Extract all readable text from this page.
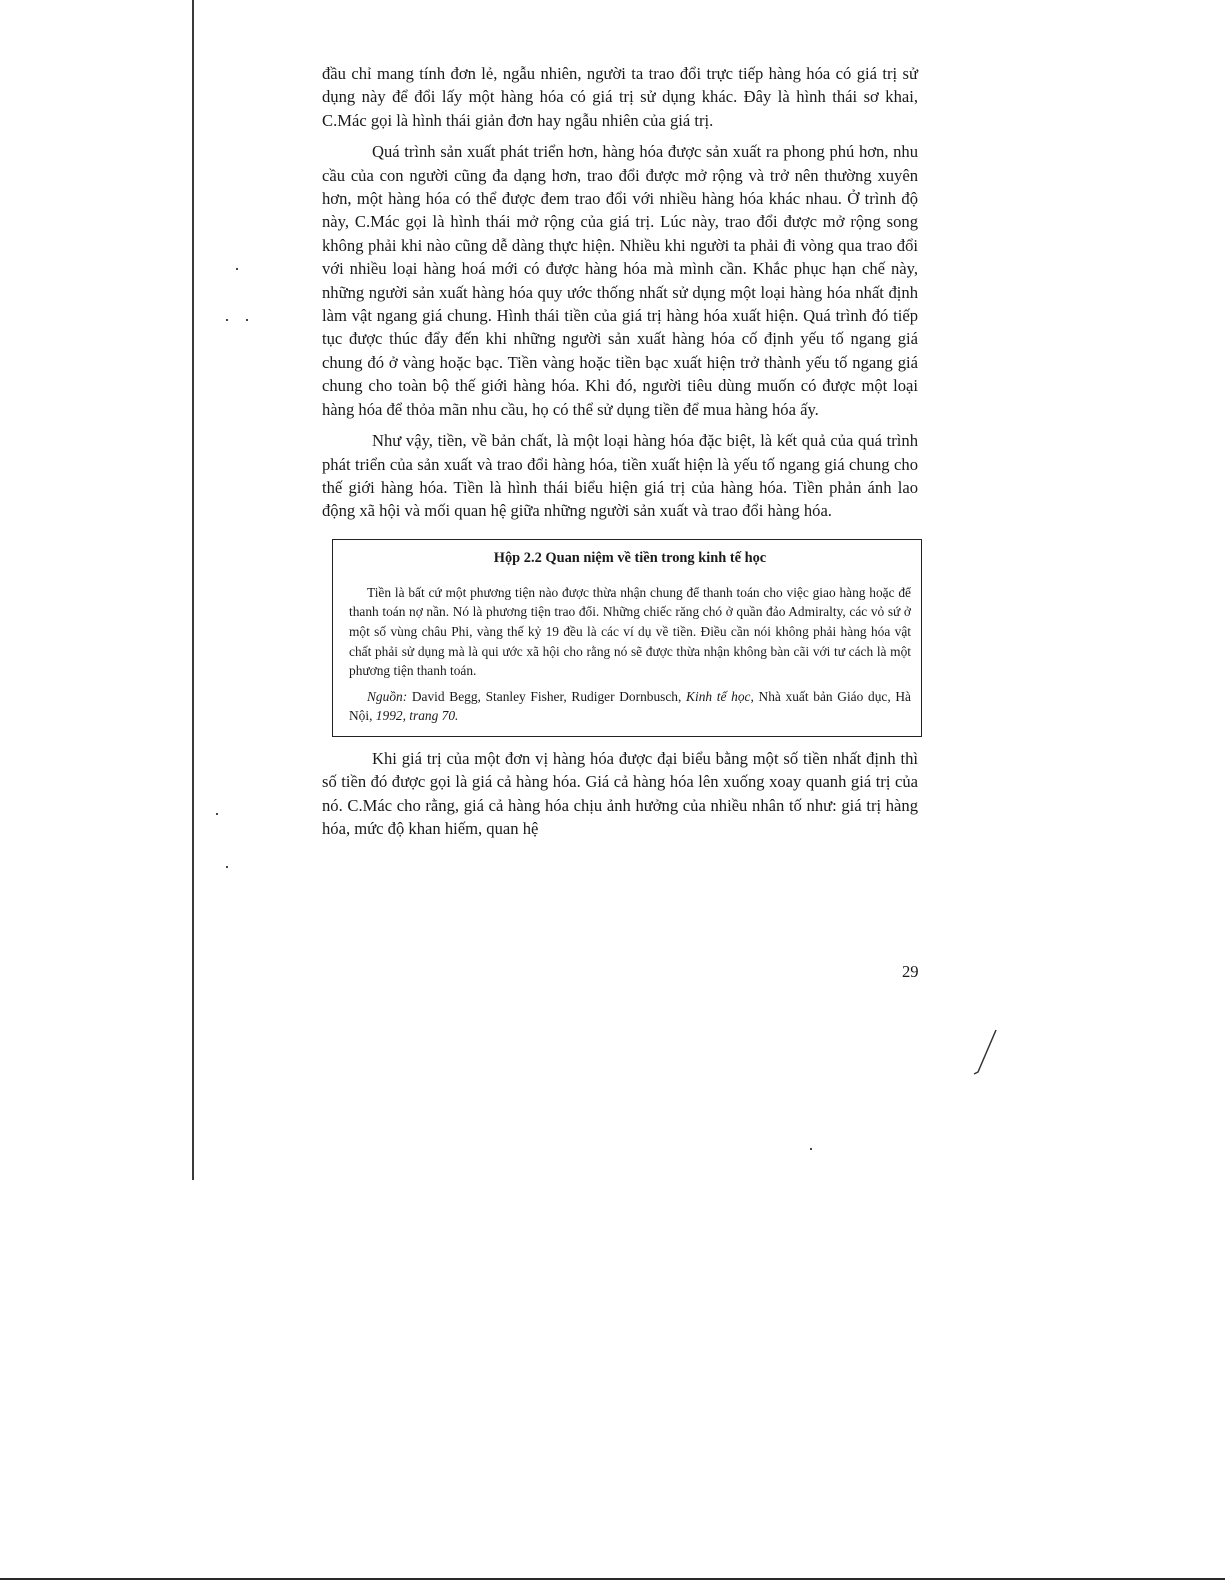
đầu chỉ mang tính đơn lẻ, ngẫu nhiên, người ta trao đổi trực tiếp hàng hóa có giá trị sử dụng này để đổi lấy một hàng hóa có giá trị sử dụng khác. Đây là hình thái sơ khai, C.Mác gọi là hình thái giản đơn hay ngẫu nhiên của giá trị.

Quá trình sản xuất phát triển hơn, hàng hóa được sản xuất ra phong phú hơn, nhu cầu của con người cũng đa dạng hơn, trao đổi được mở rộng và trở nên thường xuyên hơn, một hàng hóa có thể được đem trao đổi với nhiều hàng hóa khác nhau. Ở trình độ này, C.Mác gọi là hình thái mở rộng của giá trị. Lúc này, trao đổi được mở rộng song không phải khi nào cũng dễ dàng thực hiện. Nhiều khi người ta phải đi vòng qua trao đổi với nhiều loại hàng hoá mới có được hàng hóa mà mình cần. Khắc phục hạn chế này, những người sản xuất hàng hóa quy ước thống nhất sử dụng một loại hàng hóa nhất định làm vật ngang giá chung. Hình thái tiền của giá trị hàng hóa xuất hiện. Quá trình đó tiếp tục được thúc đẩy đến khi những người sản xuất hàng hóa cố định yếu tố ngang giá chung đó ở vàng hoặc bạc. Tiền vàng hoặc tiền bạc xuất hiện trở thành yếu tố ngang giá chung cho toàn bộ thế giới hàng hóa. Khi đó, người tiêu dùng muốn có được một loại hàng hóa để thỏa mãn nhu cầu, họ có thể sử dụng tiền để mua hàng hóa ấy.

Như vậy, tiền, về bản chất, là một loại hàng hóa đặc biệt, là kết quả của quá trình phát triển của sản xuất và trao đổi hàng hóa, tiền xuất hiện là yếu tố ngang giá chung cho thế giới hàng hóa. Tiền là hình thái biểu hiện giá trị của hàng hóa. Tiền phản ánh lao động xã hội và mối quan hệ giữa những người sản xuất và trao đổi hàng hóa.

Hộp 2.2 Quan niệm về tiền trong kinh tế học

Tiền là bất cứ một phương tiện nào được thừa nhận chung để thanh toán cho việc giao hàng hoặc để thanh toán nợ nần. Nó là phương tiện trao đổi. Những chiếc răng chó ở quần đảo Admiralty, các vỏ sứ ở một số vùng châu Phi, vàng thế kỷ 19 đều là các ví dụ về tiền. Điều cần nói không phải hàng hóa vật chất phải sử dụng mà là qui ước xã hội cho rằng nó sẽ được thừa nhận không bàn cãi với tư cách là một phương tiện thanh toán.

Nguồn: David Begg, Stanley Fisher, Rudiger Dornbusch, Kinh tế học, Nhà xuất bản Giáo dục, Hà Nội, 1992, trang 70.

Khi giá trị của một đơn vị hàng hóa được đại biểu bằng một số tiền nhất định thì số tiền đó được gọi là giá cả hàng hóa. Giá cả hàng hóa lên xuống xoay quanh giá trị của nó. C.Mác cho rằng, giá cả hàng hóa chịu ảnh hưởng của nhiều nhân tố như: giá trị hàng hóa, mức độ khan hiếm, quan hệ

29
